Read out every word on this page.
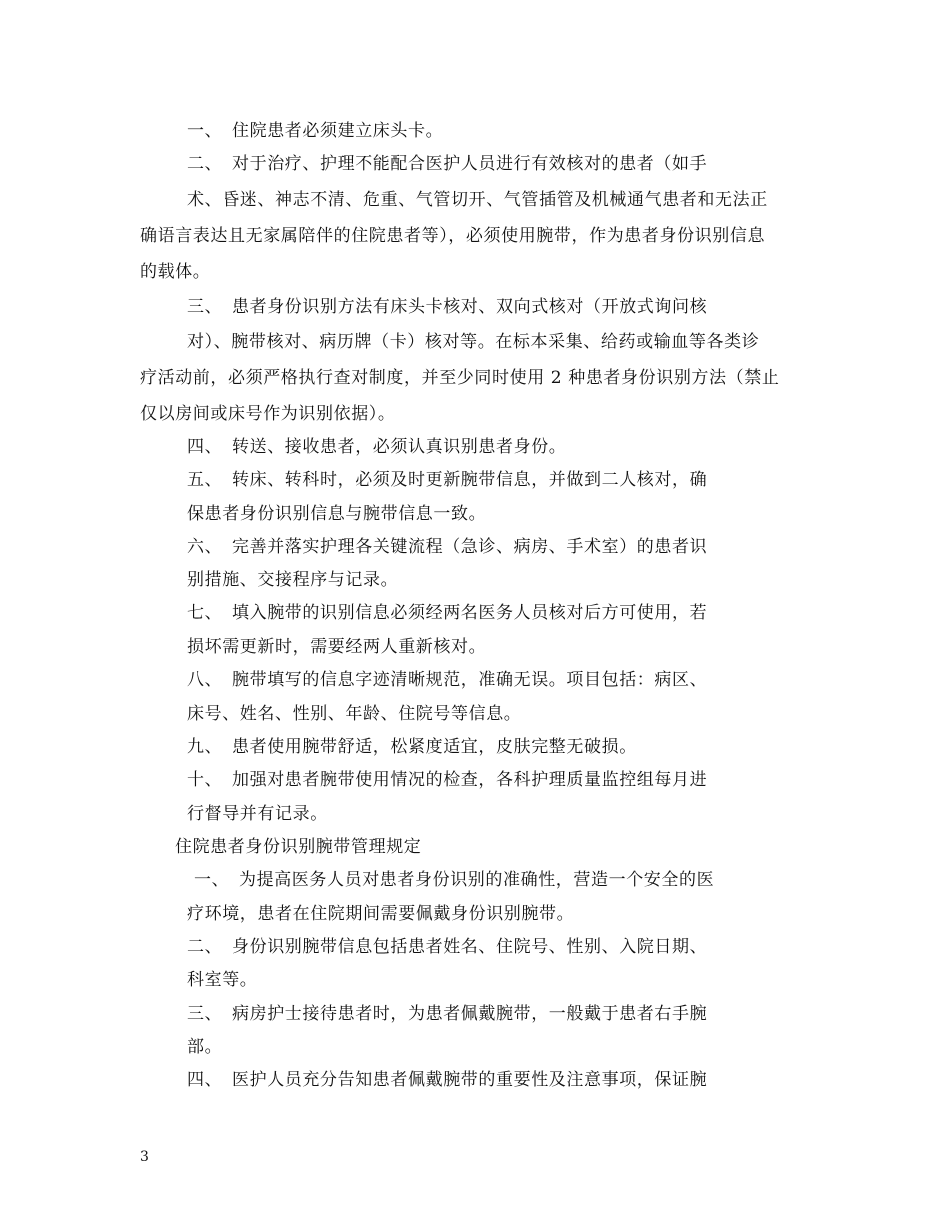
一、 住院患者必须建立床头卡。
二、 对于治疗、护理不能配合医护人员进行有效核对的患者（如手
术、昏迷、神志不清、危重、气管切开、气管插管及机械通气患者和无法正
确语言表达且无家属陪伴的住院患者等），必须使用腕带，作为患者身份识别信息
的载体。
三、 患者身份识别方法有床头卡核对、双向式核对（开放式询问核
对）、腕带核对、病历牌（卡）核对等。在标本采集、给药或输血等各类诊
疗活动前，必须严格执行查对制度，并至少同时使用 2 种患者身份识别方法（禁止
仅以房间或床号作为识别依据）。
四、 转送、接收患者，必须认真识别患者身份。
五、 转床、转科时，必须及时更新腕带信息，并做到二人核对，确
保患者身份识别信息与腕带信息一致。
六、 完善并落实护理各关键流程（急诊、病房、手术室）的患者识
别措施、交接程序与记录。
七、 填入腕带的识别信息必须经两名医务人员核对后方可使用，若
损坏需更新时，需要经两人重新核对。
八、 腕带填写的信息字迹清晰规范，准确无误。项目包括：病区、
床号、姓名、性别、年龄、住院号等信息。
九、 患者使用腕带舒适，松紧度适宜，皮肤完整无破损。
十、 加强对患者腕带使用情况的检查，各科护理质量监控组每月进
行督导并有记录。
住院患者身份识别腕带管理规定
一、 为提高医务人员对患者身份识别的准确性，营造一个安全的医
疗环境，患者在住院期间需要佩戴身份识别腕带。
二、 身份识别腕带信息包括患者姓名、住院号、性别、入院日期、
科室等。
三、 病房护士接待患者时，为患者佩戴腕带，一般戴于患者右手腕
部。
四、 医护人员充分告知患者佩戴腕带的重要性及注意事项，保证腕
3
